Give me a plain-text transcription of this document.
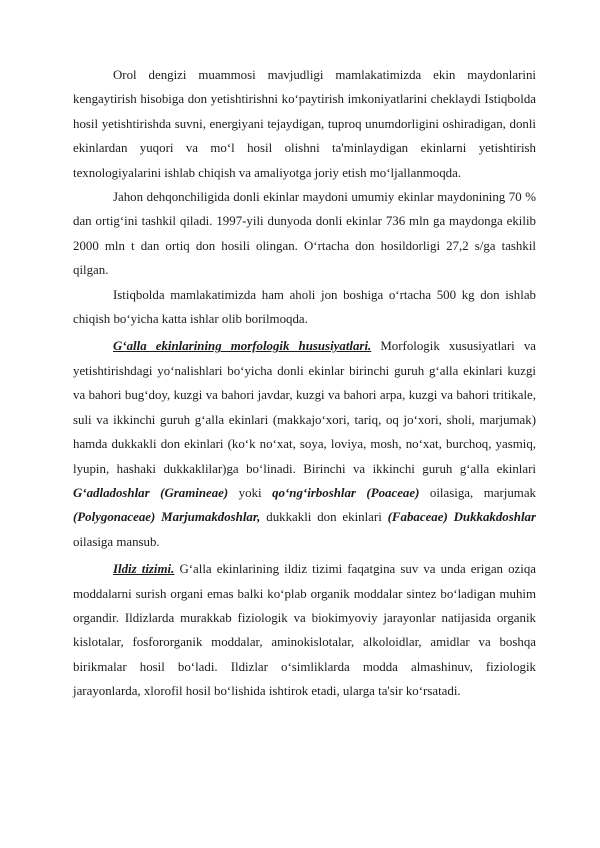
Orol dengizi muammosi mavjudligi mamlakatimizda ekin maydonlarini kengaytirish hisobiga don yetishtirishni ko‘paytirish imkoniyatlarini cheklaydi Istiqbolda hosil yetishtirishda suvni, energiyani tejaydigan, tuproq unumdorligini oshiradigan, donli ekinlardan yuqori va mo‘l hosil olishni ta'minlaydigan ekinlarni yetishtirish texnologiyalarini ishlab chiqish va amaliyotga joriy etish mo‘ljallanmoqda.

Jahon dehqonchiligida donli ekinlar maydoni umumiy ekinlar maydonining 70 % dan ortig‘ini tashkil qiladi. 1997-yili dunyoda donli ekinlar 736 mln ga maydonga ekilib 2000 mln t dan ortiq don hosili olingan. O‘rtacha don hosildorligi 27,2 s/ga tashkil qilgan.

Istiqbolda mamlakatimizda ham aholi jon boshiga o‘rtacha 500 kg don ishlab chiqish bo‘yicha katta ishlar olib borilmoqda.

G‘alla ekinlarining morfologik hususiyatlari. Morfologik xususiyatlari va yetishtirishdagi yo‘nalishlari bo‘yicha donli ekinlar birinchi guruh g‘alla ekinlari kuzgi va bahori bug‘doy, kuzgi va bahori javdar, kuzgi va bahori arpa, kuzgi va bahori tritikale, suli va ikkinchi guruh g‘alla ekinlari (makkajo‘xori, tariq, oq jo‘xori, sholi, marjumak) hamda dukkakli don ekinlari (ko‘k no‘xat, soya, loviya, mosh, no‘xat, burchoq, yasmiq, lyupin, hashaki dukkaklilar)ga bo‘linadi. Birinchi va ikkinchi guruh g‘alla ekinlari G‘adladoshlar (Gramineae) yoki qo‘ng‘irboshlar (Poaceae) oilasiga, marjumak (Polygonaceae) Marjumakdoshlar, dukkakli don ekinlari (Fabaceae) Dukkakdoshlar oilasiga mansub.

Ildiz tizimi. G‘alla ekinlarining ildiz tizimi faqatgina suv va unda erigan oziqa moddalarni surish organi emas balki ko‘plab organik moddalar sintez bo‘ladigan muhim organdir. Ildizlarda murakkab fiziologik va biokimyoviy jarayonlar natijasida organik kislotalar, fosfororganik moddalar, aminokislotalar, alkoloidlar, amidlar va boshqa birikmalar hosil bo‘ladi. Ildizlar o‘simliklarda modda almashinuv, fiziologik jarayonlarda, xlorofil hosil bo‘lishida ishtirok etadi, ularga ta'sir ko‘rsatadi.
